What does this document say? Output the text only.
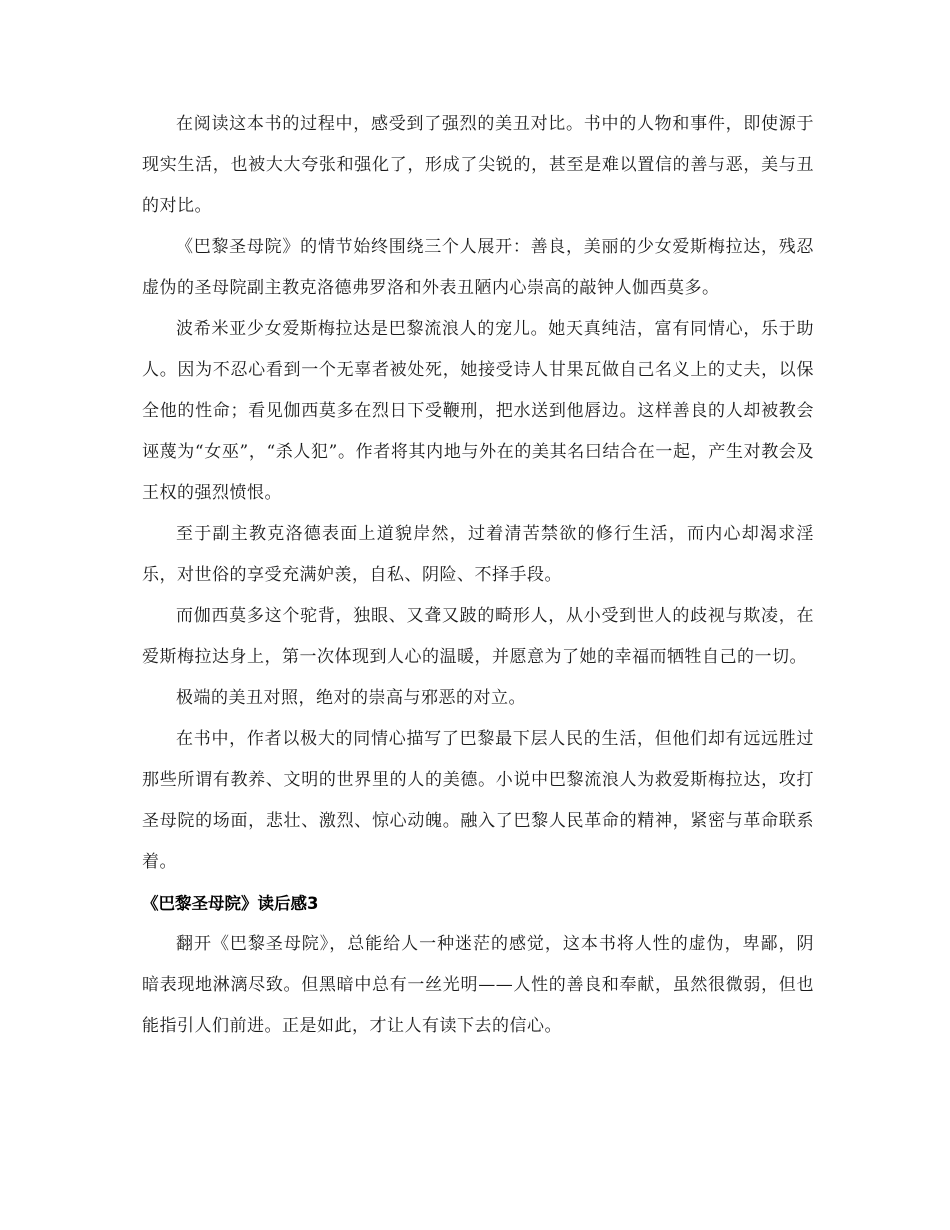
在阅读这本书的过程中，感受到了强烈的美丑对比。书中的人物和事件，即使源于现实生活，也被大大夸张和强化了，形成了尖锐的，甚至是难以置信的善与恶，美与丑的对比。

《巴黎圣母院》的情节始终围绕三个人展开：善良，美丽的少女爱斯梅拉达，残忍虚伪的圣母院副主教克洛德弗罗洛和外表丑陋内心崇高的敲钟人伽西莫多。

波希米亚少女爱斯梅拉达是巴黎流浪人的宠儿。她天真纯洁，富有同情心，乐于助人。因为不忍心看到一个无辜者被处死，她接受诗人甘果瓦做自己名义上的丈夫，以保全他的性命；看见伽西莫多在烈日下受鞭刑，把水送到他唇边。这样善良的人却被教会诬蔑为“女巫”，“杀人犯”。作者将其内地与外在的美其名曰结合在一起，产生对教会及王权的强烈愤恨。

至于副主教克洛德表面上道貌岸然，过着清苦禁欲的修行生活，而内心却渴求淫乐，对世俗的享受充满妒羡，自私、阴险、不择手段。

而伽西莫多这个驼背，独眼、又聋又跛的畸形人，从小受到世人的歧视与欺凌，在爱斯梅拉达身上，第一次体现到人心的温暖，并愿意为了她的幸福而牺牲自己的一切。

极端的美丑对照，绝对的崇高与邪恶的对立。

在书中，作者以极大的同情心描写了巴黎最下层人民的生活，但他们却有远远胜过那些所谓有教养、文明的世界里的人的美德。小说中巴黎流浪人为救爱斯梅拉达，攻打圣母院的场面，悲壮、激烈、惊心动魄。融入了巴黎人民革命的精神，紧密与革命联系着。

《巴黎圣母院》读后感3

翻开《巴黎圣母院》，总能给人一种迷茫的感觉，这本书将人性的虚伪，卑鄙，阴暗表现地淋漓尽致。但黑暗中总有一丝光明——人性的善良和奉献，虽然很微弱，但也能指引人们前进。正是如此，才让人有读下去的信心。
